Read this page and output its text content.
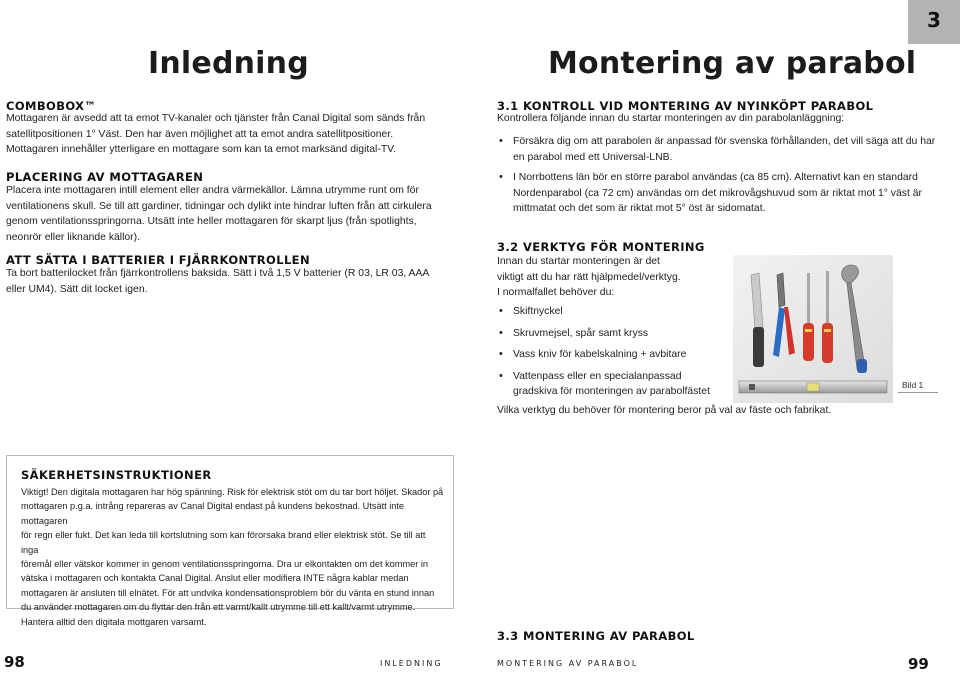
3
Inledning
COMBOBOX™

Mottagaren är avsedd att ta emot TV-kanaler och tjänster från Canal Digital som sänds från

satellitpositionen 1° Väst. Den har även möjlighet att ta emot andra satellitpositioner.

Mottagaren innehåller ytterligare en mottagare som kan ta emot marksänd digital-TV.

PLACERING AV MOTTAGAREN

Placera inte mottagaren intill element eller andra värmekällor. Lämna utrymme runt om för

ventilationens skull. Se till att gardiner, tidningar och dylikt inte hindrar luften från att cirkulera

genom ventilationsspringorna. Utsätt inte heller mottagaren för skarpt ljus (från spotlights,

neonrör eller liknande källor).

ATT SÄTTA I BATTERIER I FJÄRRKONTROLLEN

Ta bort batterilocket från fjärrkontrollens baksida. Sätt i två 1,5 V batterier (R 03, LR 03, AAA

eller UM4). Sätt dit locket igen.

SÄKERHETSINSTRUKTIONER
Viktigt! Den digitala mottagaren har hög spänning. Risk för elektrisk stöt om du tar bort höljet. Skador på
mottagaren p.g.a. intrång repareras av Canal Digital endast på kundens bekostnad. Utsätt inte mottagaren
för regn eller fukt. Det kan leda till kortslutning som kan förorsaka brand eller elektrisk stöt. Se till att inga
föremål eller vätskor kommer in genom ventilationsspringorna. Dra ur elkontakten om det kommer in
vätska i mottagaren och kontakta Canal Digital. Anslut eller modifiera INTE några kablar medan
mottagaren är ansluten till elnätet. För att undvika kondensationsproblem bör du vänta en stund innan
du använder mottagaren om du flyttar den från ett varmt/kallt utrymme till ett kallt/varmt utrymme.
Hantera alltid den digitala mottgaren varsamt.
98	INLEDNING
Montering av parabol
3.1 KONTROLL VID MONTERING AV NYINKÖPT PARABOL
Kontrollera följande innan du startar monteringen av din parabolanläggning:
• Försäkra dig om att parabolen är anpassad för svenska förhållanden, det vill säga att du har
en parabol med ett Universal-LNB.
• I Norrbottens län bör en större parabol användas (ca 85 cm). Alternativt kan en standard
Nordenparabol (ca 72 cm) användas om det mikrovågshuvud som är riktat mot 1° väst är
mittmatat och det som är riktat mot 5° öst är sidomatat.
3.2 VERKTYG FÖR MONTERING

Innan du startar monteringen är det

viktigt att du har rätt hjälpmedel/verktyg.

I normalfallet behöver du:

• Skiftnyckel
• Skruvmejsel, spår samt kryss
• Vass kniv för kabelskalning + avbitare
• Vattenpass eller en specialanpassad
gradskiva för monteringen av parabolfästet
Bild 1
Vilka verktyg du behöver för montering beror på val av fäste och fabrikat.
3.3 MONTERING AV PARABOL
MONTERING AV PARABOL	99
